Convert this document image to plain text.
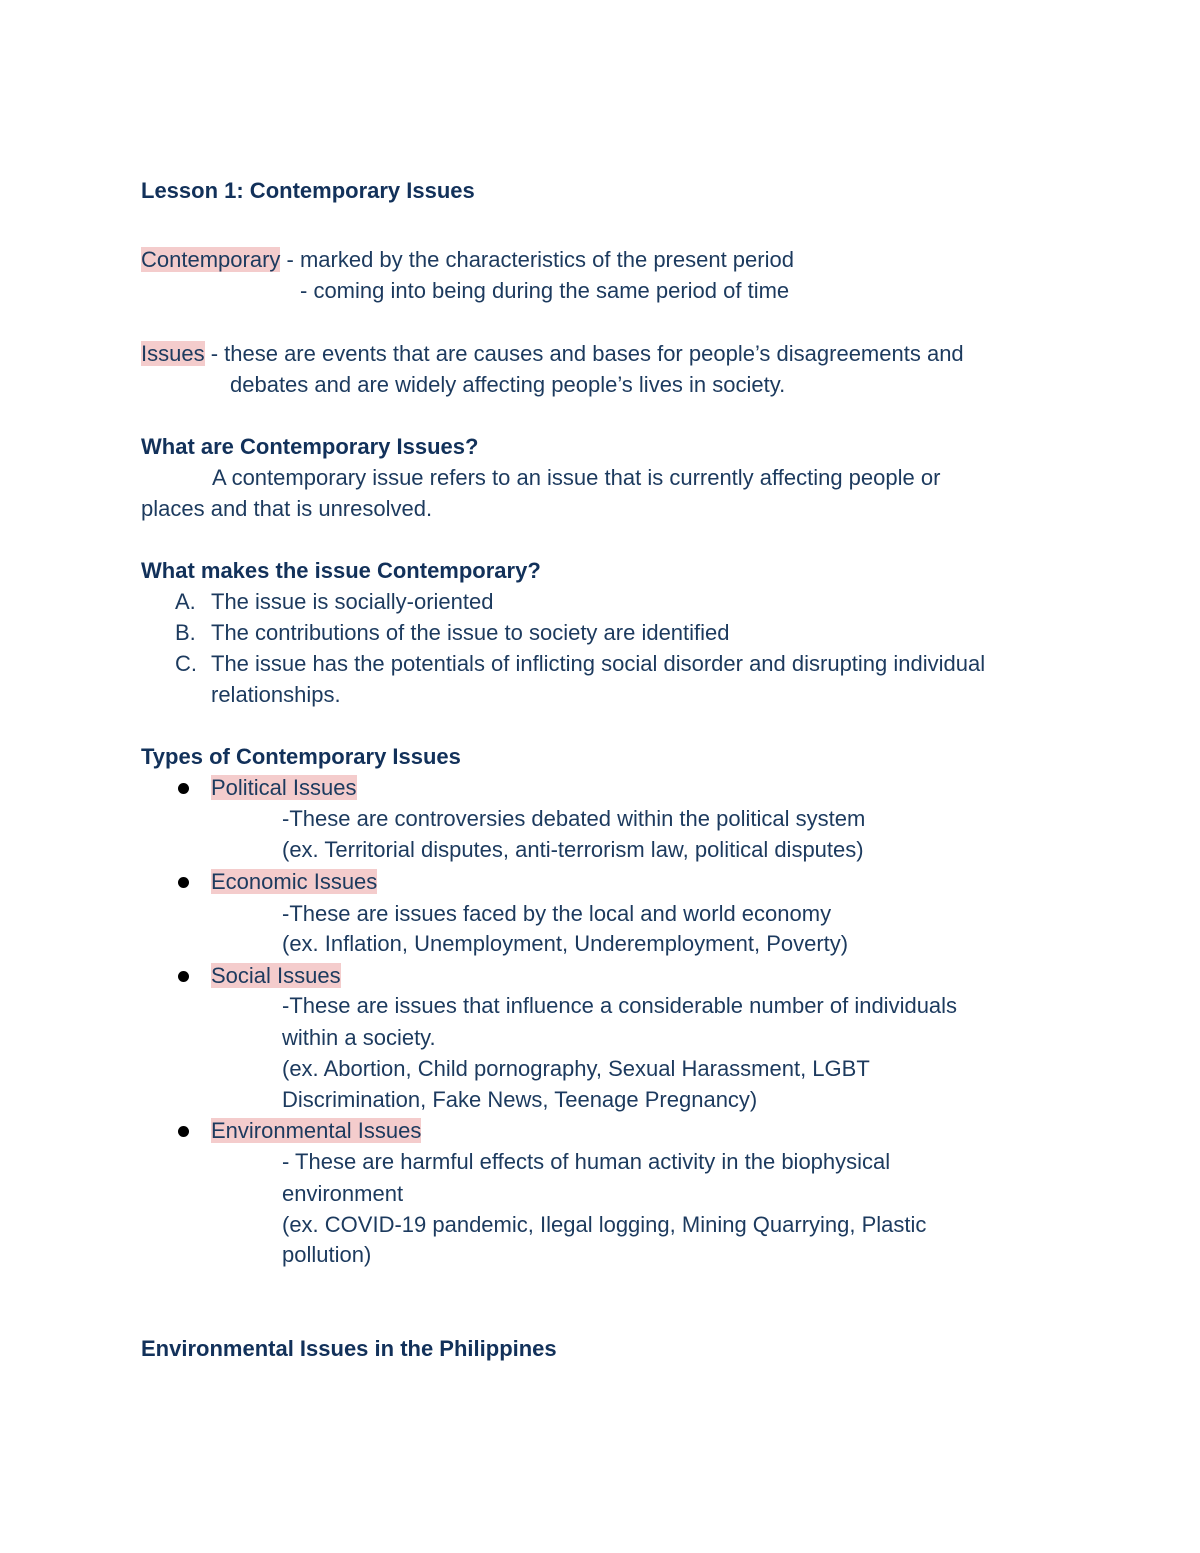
Lesson 1: Contemporary Issues
Contemporary - marked by the characteristics of the present period
- coming into being during the same period of time
Issues - these are events that are causes and bases for people’s disagreements and
debates and are widely affecting people’s lives in society.
What are Contemporary Issues?
A contemporary issue refers to an issue that is currently affecting people or
places and that is unresolved.
What makes the issue Contemporary?
A. The issue is socially-oriented
B. The contributions of the issue to society are identified
C. The issue has the potentials of inflicting social disorder and disrupting individual
relationships.
Types of Contemporary Issues
Political Issues
-These are controversies debated within the political system
(ex. Territorial disputes, anti-terrorism law, political disputes)
Economic Issues
-These are issues faced by the local and world economy
(ex. Inflation, Unemployment, Underemployment, Poverty)
Social Issues
-These are issues that influence a considerable number of individuals
within a society.
(ex. Abortion, Child pornography, Sexual Harassment, LGBT
Discrimination, Fake News, Teenage Pregnancy)
Environmental Issues
- These are harmful effects of human activity in the biophysical
environment
(ex. COVID-19 pandemic, Ilegal logging, Mining Quarrying, Plastic
pollution)
Environmental Issues in the Philippines
